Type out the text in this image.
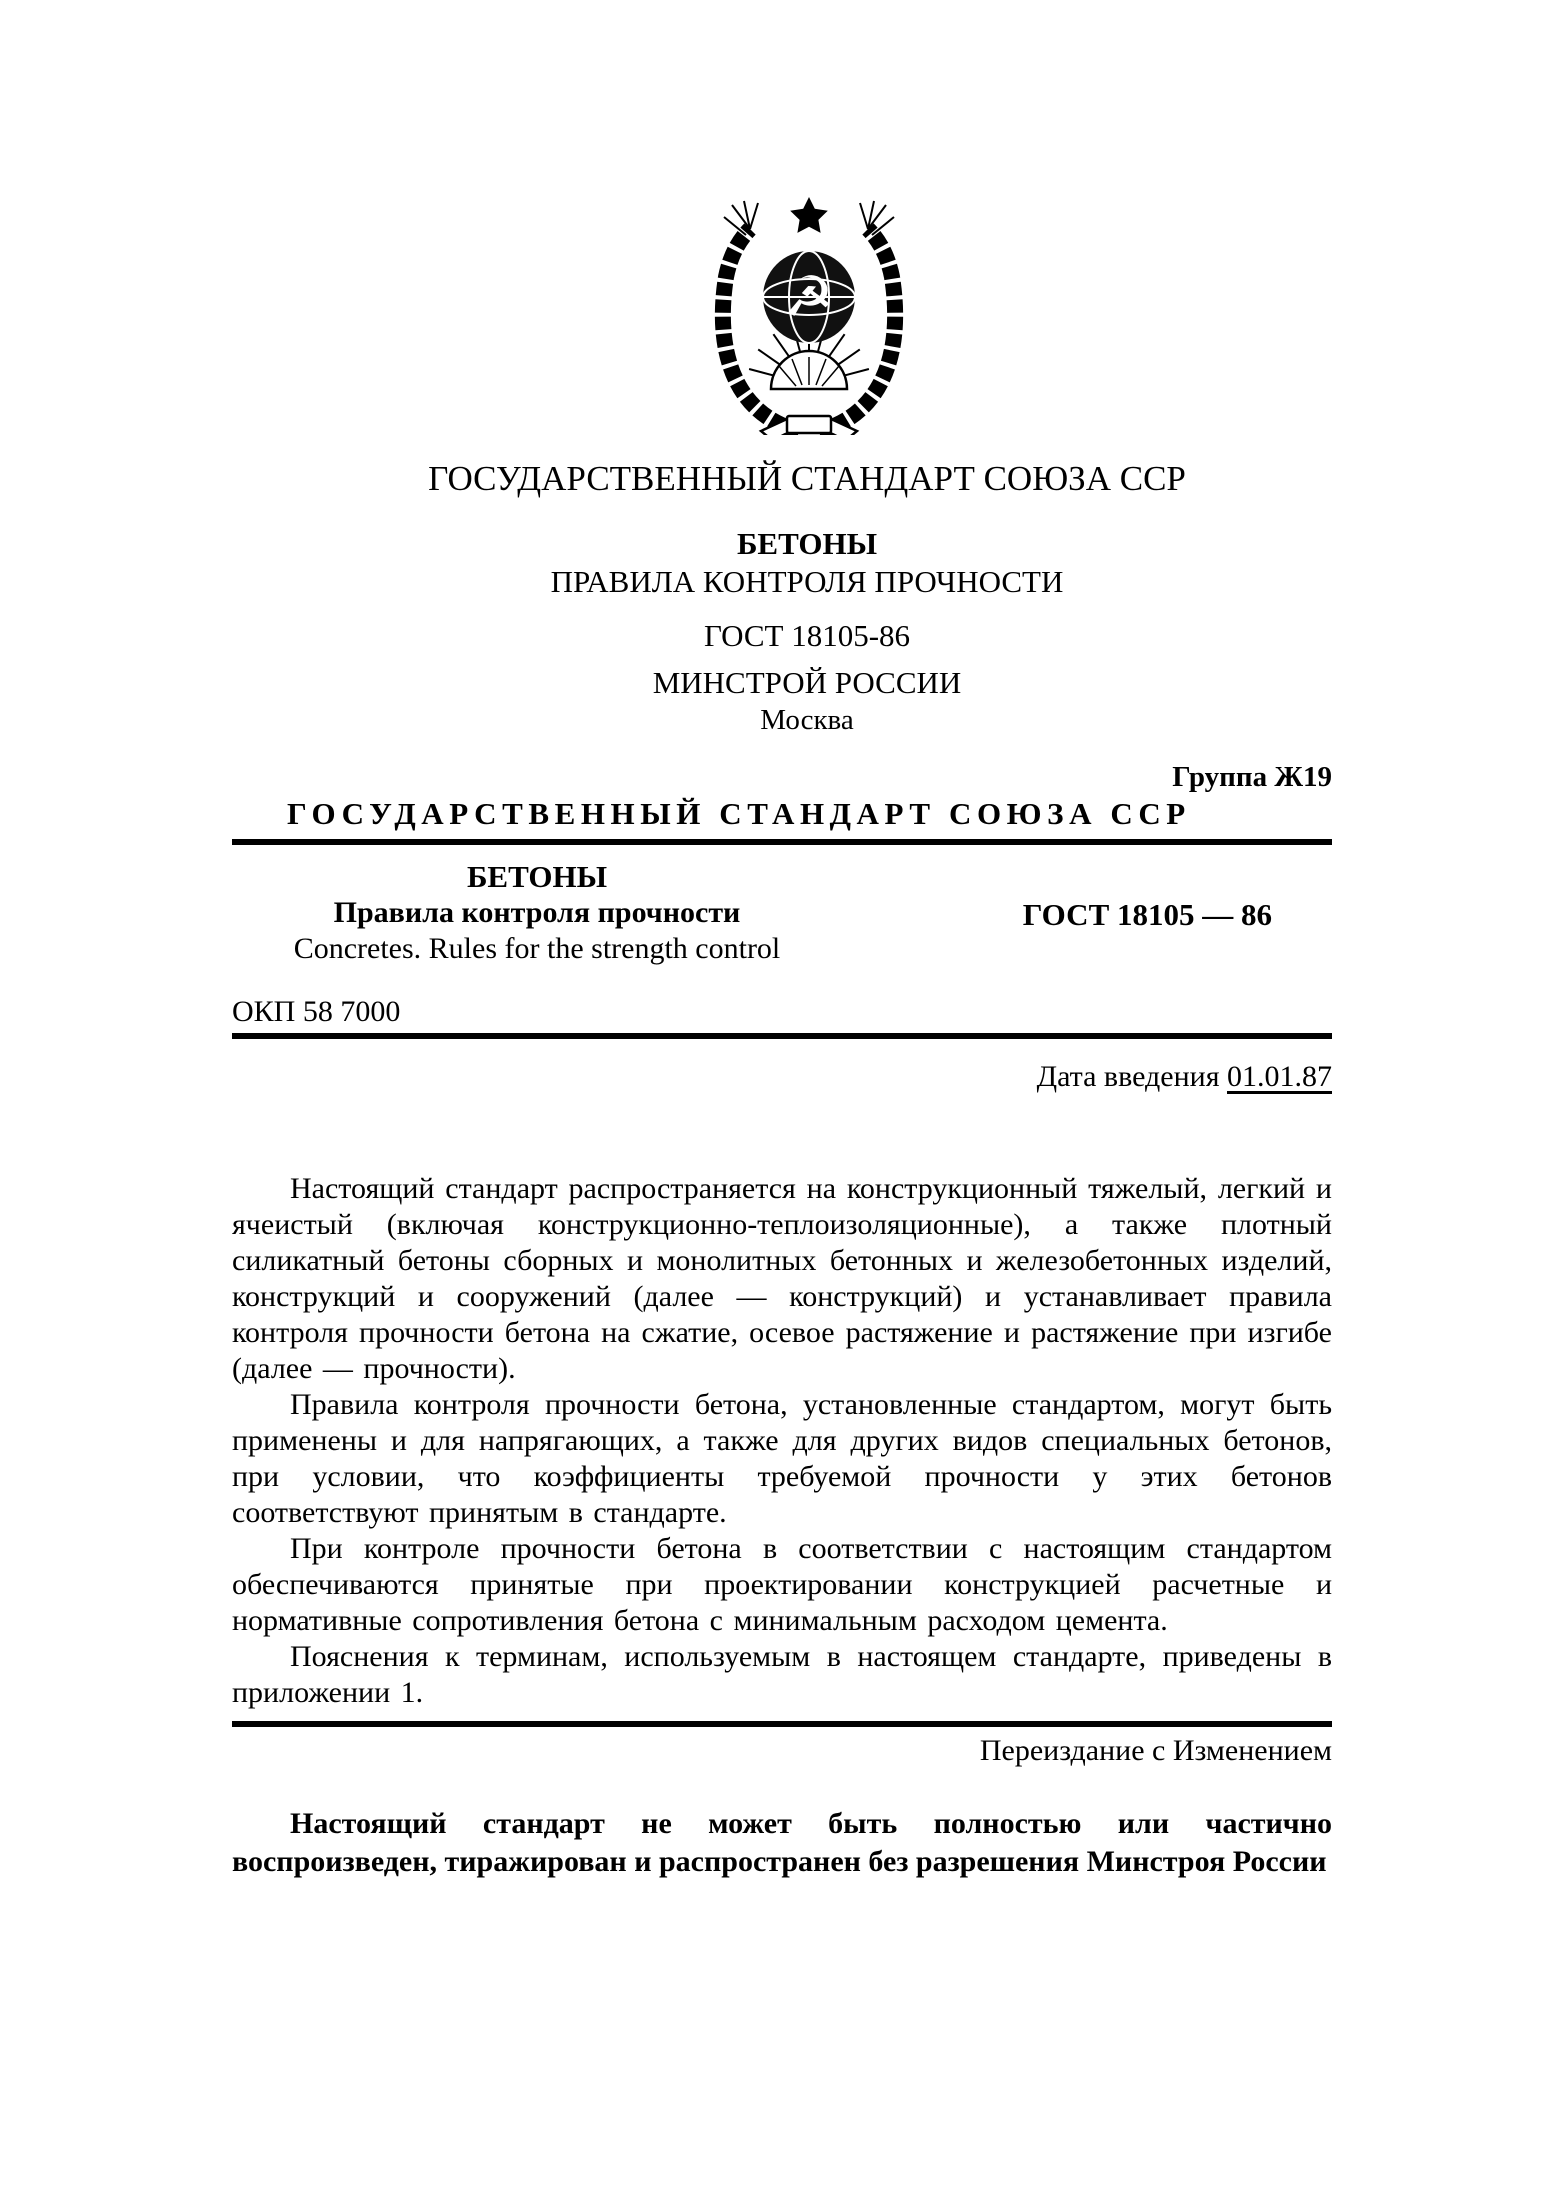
☭
ГОСУДАРСТВЕННЫЙ СТАНДАРТ СОЮЗА ССР
БЕТОНЫ
ПРАВИЛА КОНТРОЛЯ ПРОЧНОСТИ
ГОСТ 18105-86
МИНСТРОЙ РОССИИ
Москва
Группа Ж19
ГОСУДАРСТВЕННЫЙ СТАНДАРТ СОЮЗА ССР
БЕТОНЫ
Правила контроля прочности
Concretes. Rules for the strength control
ГОСТ 18105 — 86
ОКП 58 7000
Дата введения 01.01.87

Настоящий стандарт распространяется на конструкционный тяжелый, легкий и ячеистый (включая конструкционно-теплоизоляционные), а также плотный силикатный бетоны сборных и монолитных бетонных и железобетонных изделий, конструкций и сооружений (далее — конструкций) и устанавливает правила контроля прочности бетона на сжатие, осевое растяжение и растяжение при изгибе (далее — прочности).

Правила контроля прочности бетона, установленные стандартом, могут быть применены и для напрягающих, а также для других видов специальных бетонов, при условии, что коэффициенты требуемой прочности у этих бетонов соответствуют принятым в стандарте.

При контроле прочности бетона в соответствии с настоящим стандартом обеспечиваются принятые при проектировании конструкцией расчетные и нормативные сопротивления бетона с минимальным расходом цемента.

Пояснения к терминам, используемым в настоящем стандарте, приведены в приложении 1.

Переиздание с Изменением

Настоящий стандарт не может быть полностью или частично воспроизведен, тиражирован и распространен без разрешения Минстроя России
